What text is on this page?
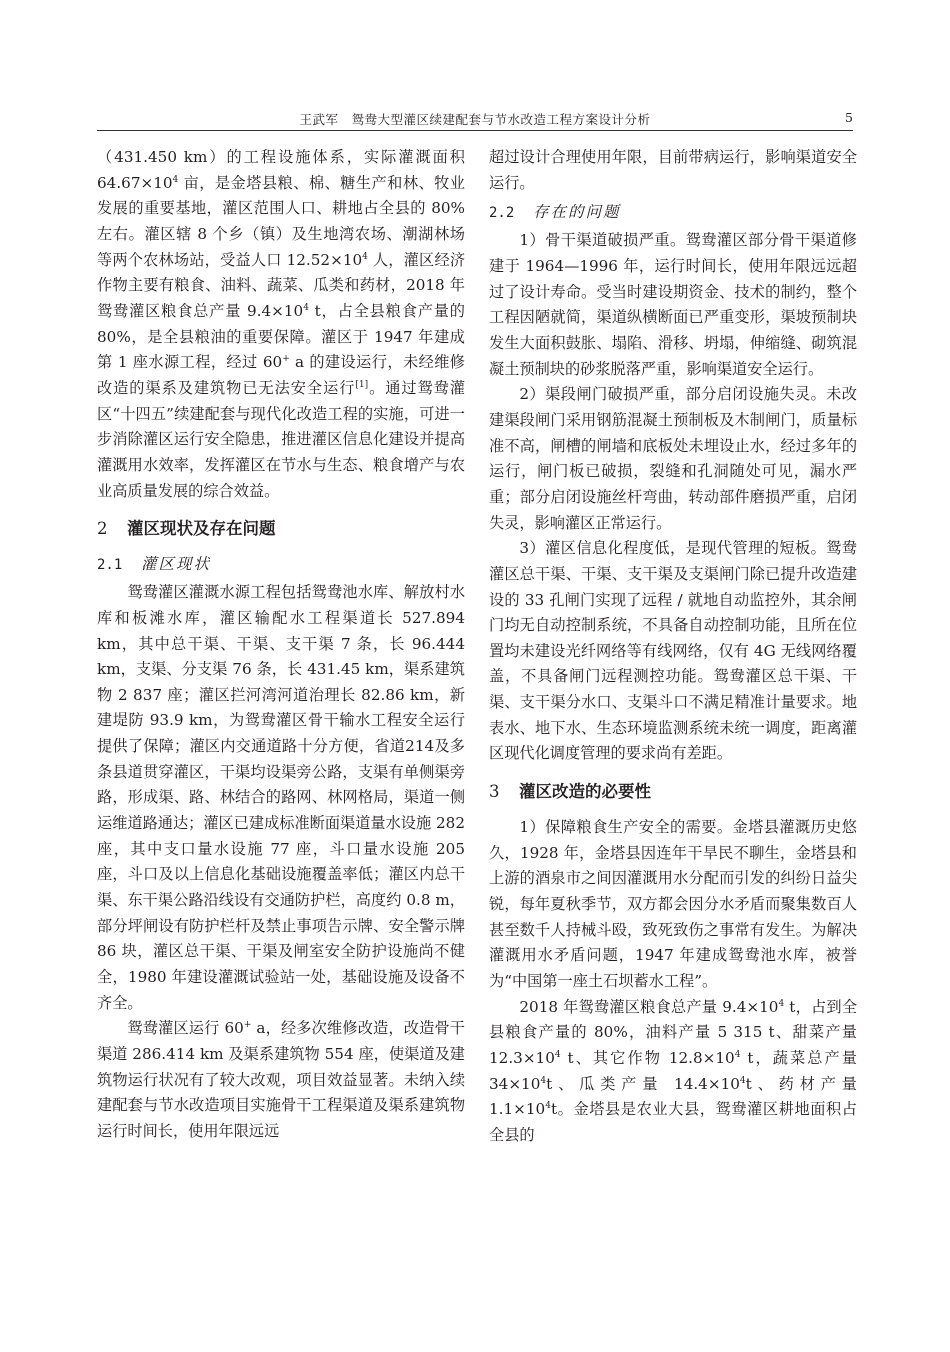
王武军　鸳鸯大型灌区续建配套与节水改造工程方案设计分析	5

（431.450 km）的工程设施体系，实际灌溉面积$64.67\times 10^4$ 亩，是金塔县粮、棉、糖生产和林、牧业发展的重要基地，灌区范围人口、耕地占全县的 80% 左右。灌区辖 8 个乡（镇）及生地湾农场、潮湖林场等两个农林场站，受益人口 $12.52\times 10^4$ 人，灌区经济作物主要有粮食、油料、蔬菜、瓜类和药材，2018 年鸳鸯灌区粮食总产量 $9.4\times 10^4$ t，占全县粮食产量的 80%，是全县粮油的重要保障。灌区于 1947 年建成第 1 座水源工程，经过 60+ a 的建设运行，未经维修改造的渠系及建筑物已无法安全运行[1]。通过鸳鸯灌区“十四五”续建配套与现代化改造工程的实施，可进一步消除灌区运行安全隐患，推进灌区信息化建设并提高灌溉用水效率，发挥灌区在节水与生态、粮食增产与农业高质量发展的综合效益。

2 灌区现状及存在问题
2.1 灌区现状

鸳鸯灌区灌溉水源工程包括鸳鸯池水库、解放村水库和板滩水库，灌区输配水工程渠道长 527.894 km，其中总干渠、干渠、支干渠 7 条，长 96.444 km，支渠、分支渠 76 条，长 431.45 km，渠系建筑物 2 837 座；灌区拦河湾河道治理长 82.86 km，新建堤防 93.9 km，为鸳鸯灌区骨干输水工程安全运行提供了保障；灌区内交通道路十分方便，省道214及多条县道贯穿灌区，干渠均设渠旁公路，支渠有单侧渠旁路，形成渠、路、林结合的路网、林网格局，渠道一侧运维道路通达；灌区已建成标准断面渠道量水设施 282 座，其中支口量水设施 77 座，斗口量水设施 205 座，斗口及以上信息化基础设施覆盖率低；灌区内总干渠、东干渠公路沿线设有交通防护栏，高度约 0.8 m，部分坪闸设有防护栏杆及禁止事项告示牌、安全警示牌 86 块，灌区总干渠、干渠及闸室安全防护设施尚不健全，1980 年建设灌溉试验站一处，基础设施及设备不齐全。

鸳鸯灌区运行 60+ a，经多次维修改造，改造骨干渠道 286.414 km 及渠系建筑物 554 座，使渠道及建筑物运行状况有了较大改观，项目效益显著。未纳入续建配套与节水改造项目实施骨干工程渠道及渠系建筑物运行时间长，使用年限远远

超过设计合理使用年限，目前带病运行，影响渠道安全运行。

2.2 存在的问题

1）骨干渠道破损严重。鸳鸯灌区部分骨干渠道修建于 1964—1996 年，运行时间长，使用年限远远超过了设计寿命。受当时建设期资金、技术的制约，整个工程因陋就简，渠道纵横断面已严重变形，渠坡预制块发生大面积鼓胀、塌陷、滑移、坍塌，伸缩缝、砌筑混凝土预制块的砂浆脱落严重，影响渠道安全运行。

2）渠段闸门破损严重，部分启闭设施失灵。未改建渠段闸门采用钢筋混凝土预制板及木制闸门，质量标准不高，闸槽的闸墙和底板处未埋设止水，经过多年的运行，闸门板已破损，裂缝和孔洞随处可见，漏水严重；部分启闭设施丝杆弯曲，转动部件磨损严重，启闭失灵，影响灌区正常运行。

3）灌区信息化程度低，是现代管理的短板。鸳鸯灌区总干渠、干渠、支干渠及支渠闸门除已提升改造建设的 33 孔闸门实现了远程 / 就地自动监控外，其余闸门均无自动控制系统，不具备自动控制功能，且所在位置均未建设光纤网络等有线网络，仅有 4G 无线网络覆盖，不具备闸门远程测控功能。鸳鸯灌区总干渠、干渠、支干渠分水口、支渠斗口不满足精准计量要求。地表水、地下水、生态环境监测系统未统一调度，距离灌区现代化调度管理的要求尚有差距。

3 灌区改造的必要性

1）保障粮食生产安全的需要。金塔县灌溉历史悠久，1928 年，金塔县因连年干旱民不聊生，金塔县和上游的酒泉市之间因灌溉用水分配而引发的纠纷日益尖锐，每年夏秋季节，双方都会因分水矛盾而聚集数百人甚至数千人持械斗殴，致死致伤之事常有发生。为解决灌溉用水矛盾问题，1947 年建成鸳鸯池水库，被誉为“中国第一座土石坝蓄水工程”。

2018 年鸳鸯灌区粮食总产量 $9.4\times 10^4$ t，占到全县粮食产量的 80%，油料产量 5 315 t、甜菜产量 $12.3\times 10^4$ t、其它作物 $12.8\times 10^4$ t，蔬菜总产量 $34\times 10^4t$、瓜类产量 $14.4\times 10^4t$、药材产量 $1.1\times 10^4t$。金塔县是农业大县，鸳鸯灌区耕地面积占全县的
